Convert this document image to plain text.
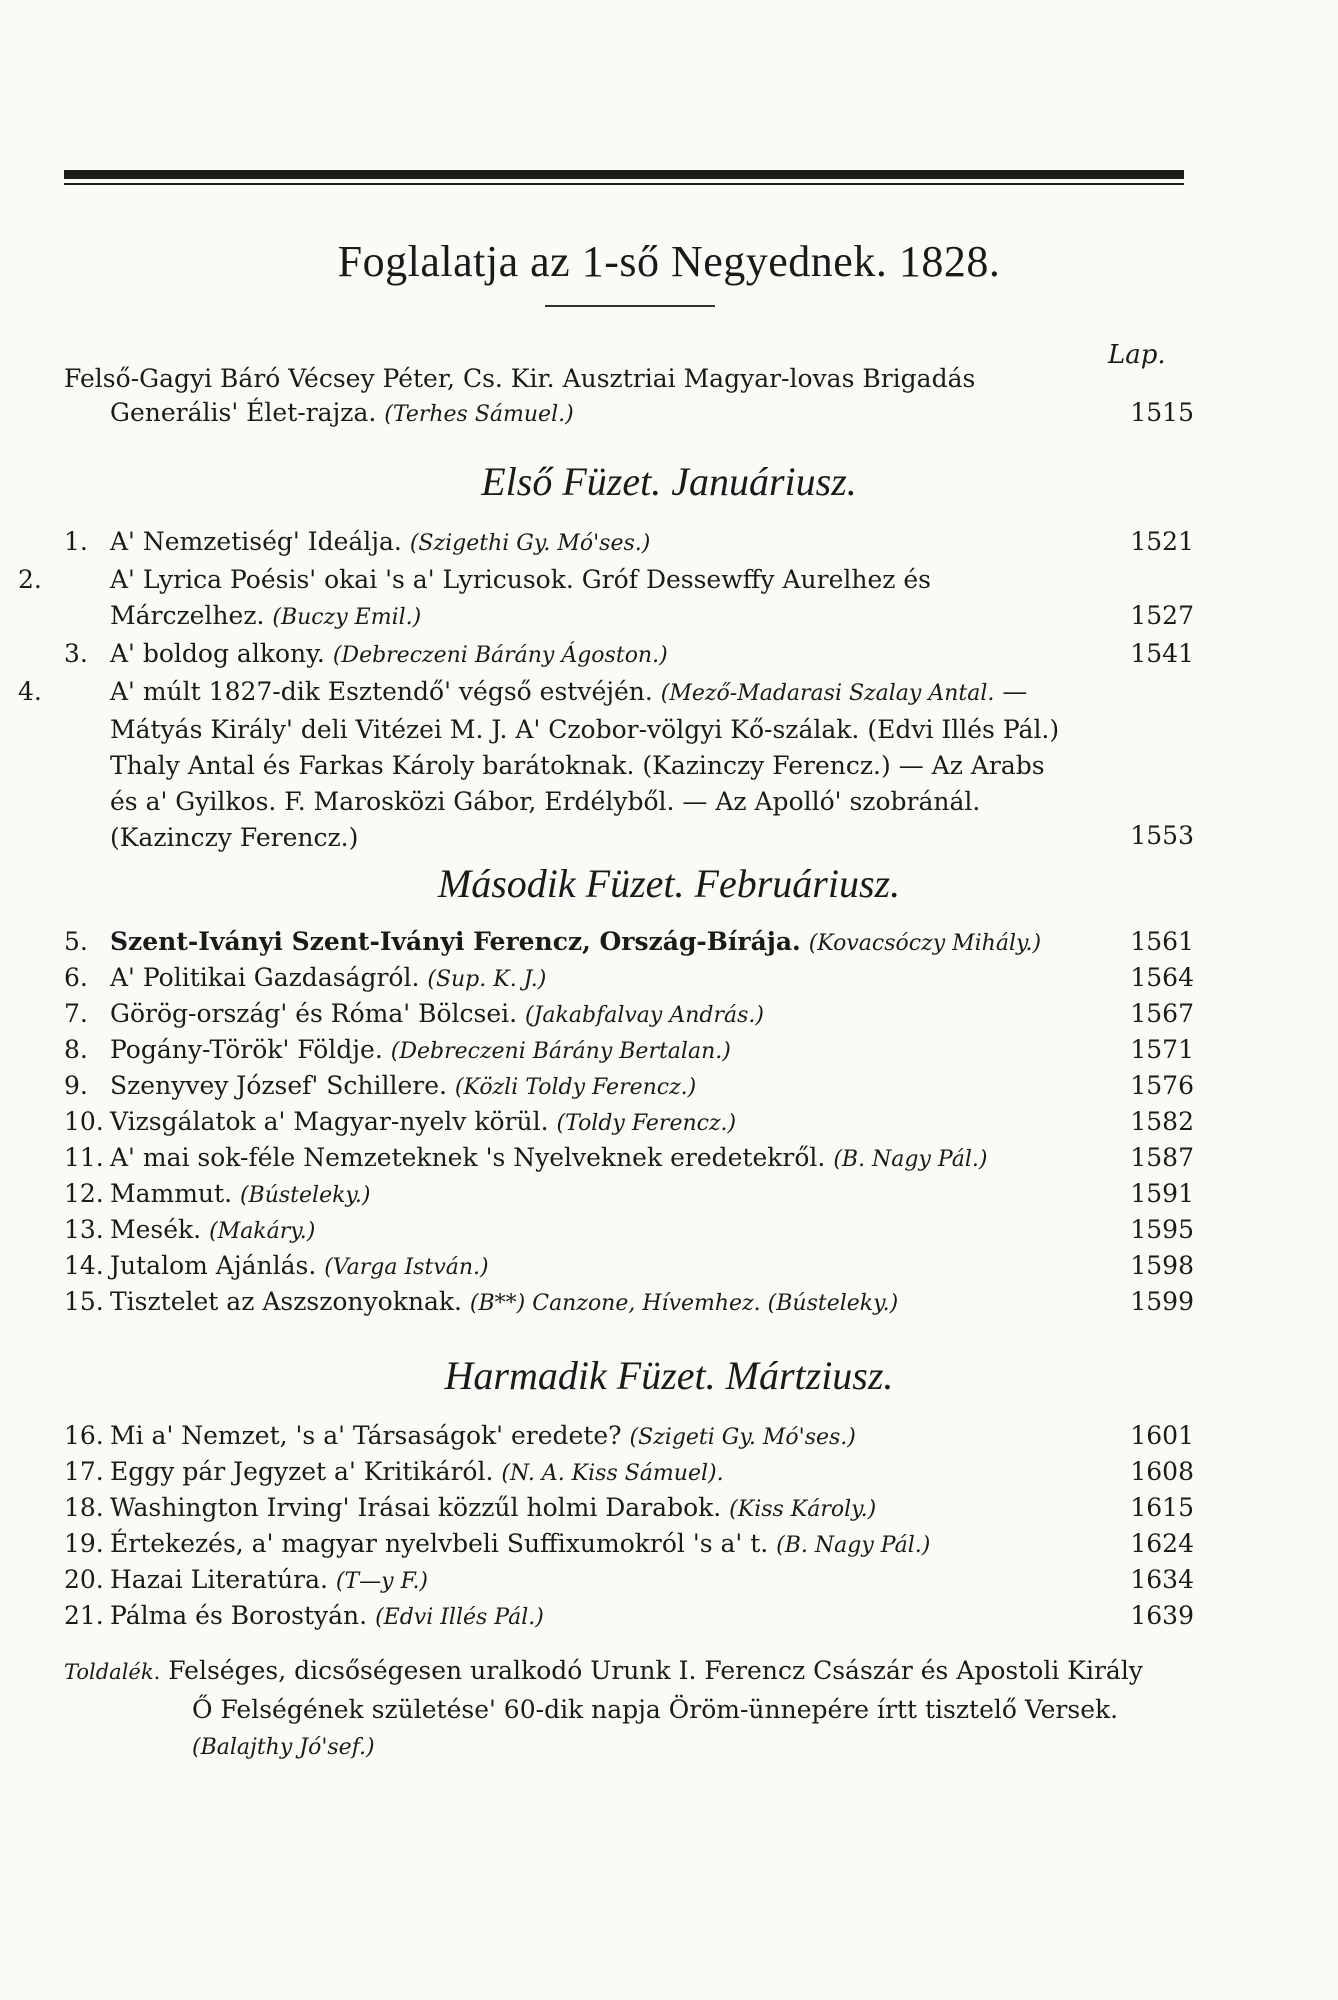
Foglalatja az 1-ső Negyednek. 1828.
Lap.
Felső-Gagyi Báró Vécsey Péter, Cs. Kir. Ausztriai Magyar-lovas Brigadás
Generális' Élet-rajza. (Terhes Sámuel.)	1515
Első Füzet. Januáriusz.
1. A' Nemzetiség' Ideálja. (Szigethi Gy. Mó'ses.)	1521
2.	A' Lyrica Poésis' okai 's a' Lyricusok. Gróf Dessewffy Aurelhez és Márczelhez. (Buczy Emil.)	1527
3. A' boldog alkony. (Debreczeni Bárány Ágoston.)	1541
4.	A' múlt 1827-dik Esztendő' végső estvéjén. (Mező-Madarasi Szalay Antal. — Mátyás Király' deli Vitézei M. J. A' Czobor-völgyi Kő-szálak. (Edvi Illés Pál.) Thaly Antal és Farkas Károly barátoknak. (Kazinczy Ferencz.) — Az Arabs és a' Gyilkos. F. Marosközi Gábor, Erdélyből. — Az Apolló' szobránál. (Kazinczy Ferencz.)	1553
Második Füzet. Februáriusz.
5. Szent-Iványi Szent-Iványi Ferencz, Ország-Bírája. (Kovacsóczy Mihály.)	1561
6. A' Politikai Gazdaságról. (Sup. K. J.)	1564
7. Görög-ország' és Róma' Bölcsei. (Jakabfalvay András.)	1567
8. Pogány-Török' Földje. (Debreczeni Bárány Bertalan.)	1571
9. Szenyvey József' Schillere. (Közli Toldy Ferencz.)	1576
10. Vizsgálatok a' Magyar-nyelv körül. (Toldy Ferencz.)	1582
11. A' mai sok-féle Nemzeteknek 's Nyelveknek eredetekről. (B. Nagy Pál.)	1587
12. Mammut. (Bústeleky.)	1591
13. Mesék. (Makáry.)	1595
14. Jutalom Ajánlás. (Varga István.)	1598
15. Tisztelet az Aszszonyoknak. (B**) Canzone, Hívemhez. (Bústeleky.)	1599
Harmadik Füzet. Mártziusz.
16. Mi a' Nemzet, 's a' Társaságok' eredete? (Szigeti Gy. Mó'ses.)	1601
17. Eggy pár Jegyzet a' Kritikáról. (N. A. Kiss Sámuel).	1608
18. Washington Irving' Irásai közzűl holmi Darabok. (Kiss Károly.)	1615
19. Értekezés, a' magyar nyelvbeli Suffixumokról 's a' t. (B. Nagy Pál.)	1624
20. Hazai Literatúra. (T—y F.)	1634
21. Pálma és Borostyán. (Edvi Illés Pál.)	1639
Toldalék. Felséges, dicsőségesen uralkodó Urunk I. Ferencz Császár és Apostoli Király
Ő Felségének születése' 60-dik napja Öröm-ünnepére írtt tisztelő Versek.
(Balajthy Jó'sef.)
